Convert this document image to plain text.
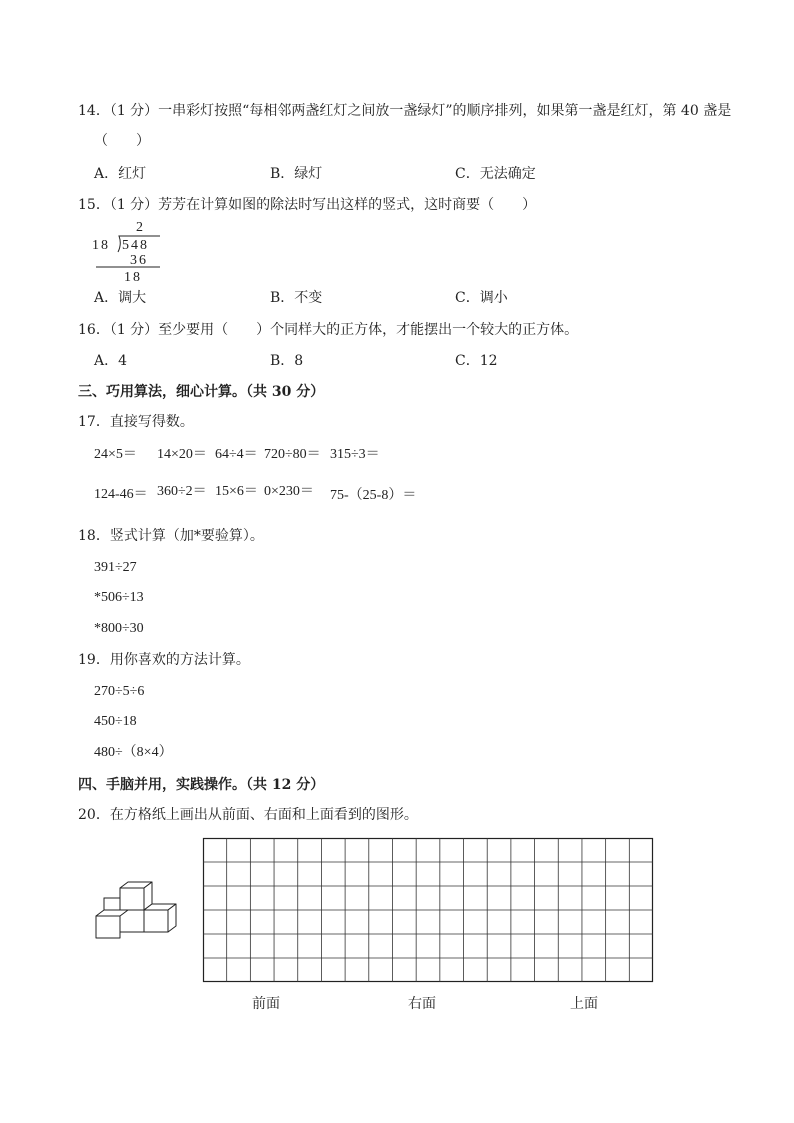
14．（1 分）一串彩灯按照“每相邻两盏红灯之间放一盏绿灯”的顺序排列，如果第一盏是红灯，第 40 盏是
（　　）
A．红灯	B．绿灯	C．无法确定
15．（1 分）芳芳在计算如图的除法时写出这样的竖式，这时商要（　　）
2
18 548
36
18
A．调大	B．不变	C．调小
16．（1 分）至少要用（　　）个同样大的正方体，才能摆出一个较大的正方体。
A．4	B．8	C．12
三、巧用算法，细心计算。（共 30 分）
17．直接写得数。
24×5＝ 14×20＝ 64÷4＝ 720÷80＝ 315÷3＝
124-46＝ 360÷2＝ 15×6＝ 0×230＝ 75-（25-8）＝
18．竖式计算（加*要验算）。
391÷27
*506÷13
*800÷30
19．用你喜欢的方法计算。
270÷5÷6
450÷18
480÷（8×4）
四、手脑并用，实践操作。（共 12 分）
20．在方格纸上画出从前面、右面和上面看到的图形。
前面	右面	上面
